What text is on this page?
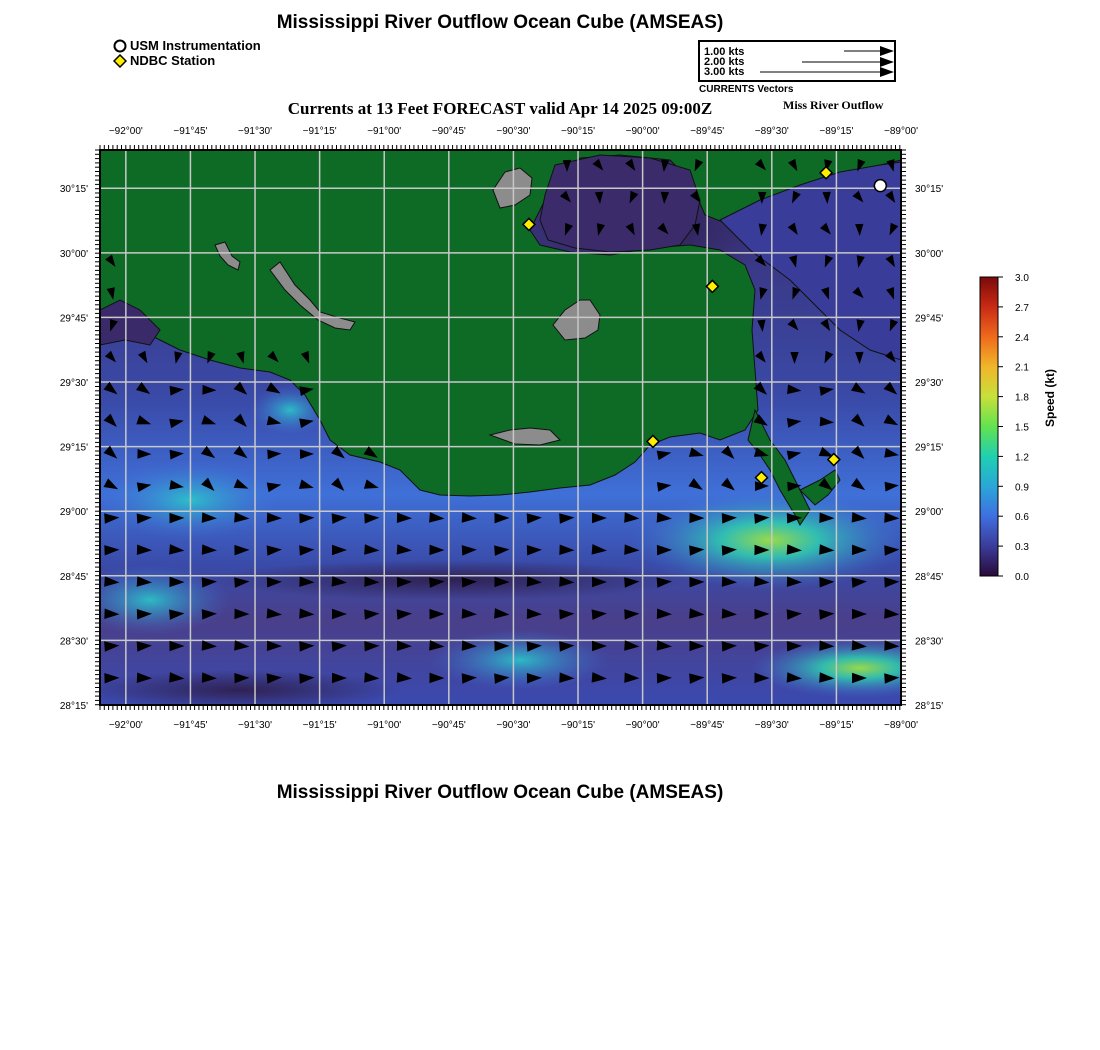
Mississippi River Outflow Ocean Cube (AMSEAS)
USM Instrumentation
NDBC Station
1.00 kts
2.00 kts
3.00 kts
CURRENTS Vectors
Currents at 13 Feet FORECAST valid Apr 14 2025 09:00Z	Miss River Outflow
−92°00'	−91°45'	−91°30'	−91°15'	−91°00'	−90°45'	−90°30'	−90°15'	−90°00'	−89°45'	−89°30'	−89°15'	−89°00'
−92°00'	−91°45'	−91°30'	−91°15'	−91°00'	−90°45'	−90°30'	−90°15'	−90°00'	−89°45'	−89°30'	−89°15'	−89°00'
30°15'
30°00'
29°45'
29°30'
29°15'
29°00'
28°45'
28°30'
28°15'
30°15'
30°00'
29°45'
29°30'
29°15'
29°00'
28°45'
28°30'
28°15'
3.0
2.7
2.4
2.1
1.8
1.5
1.2
0.9
0.6
0.3
0.0
Speed (kt)
Mississippi River Outflow Ocean Cube (AMSEAS)
